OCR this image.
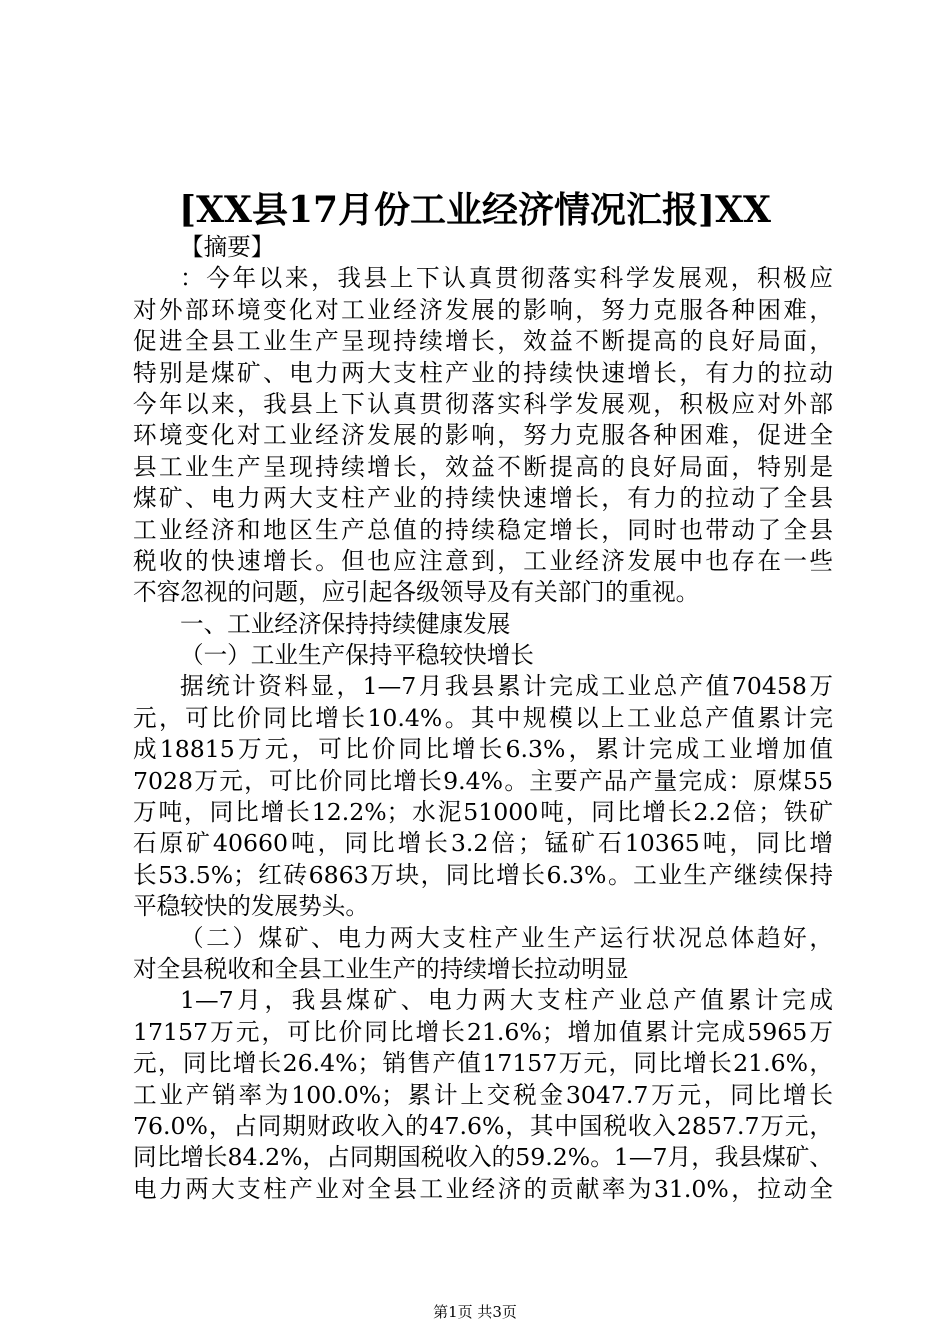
[XX县17月份工业经济情况汇报]XX
【摘要】
：今年以来，我县上下认真贯彻落实科学发展观，积极应
对外部环境变化对工业经济发展的影响，努力克服各种困难，
促进全县工业生产呈现持续增长，效益不断提高的良好局面，
特别是煤矿、电力两大支柱产业的持续快速增长，有力的拉动
今年以来，我县上下认真贯彻落实科学发展观，积极应对外部
环境变化对工业经济发展的影响，努力克服各种困难，促进全
县工业生产呈现持续增长，效益不断提高的良好局面，特别是
煤矿、电力两大支柱产业的持续快速增长，有力的拉动了全县
工业经济和地区生产总值的持续稳定增长，同时也带动了全县
税收的快速增长。但也应注意到，工业经济发展中也存在一些
不容忽视的问题，应引起各级领导及有关部门的重视。
一、工业经济保持持续健康发展
（一）工业生产保持平稳较快增长
据统计资料显，1—7月我县累计完成工业总产值70458万
元，可比价同比增长10.4%。其中规模以上工业总产值累计完
成18815万元，可比价同比增长6.3%，累计完成工业增加值
7028万元，可比价同比增长9.4%。主要产品产量完成：原煤55
万吨，同比增长12.2%；水泥51000吨，同比增长2.2倍；铁矿
石原矿40660吨，同比增长3.2倍；锰矿石10365吨，同比增
长53.5%；红砖6863万块，同比增长6.3%。工业生产继续保持
平稳较快的发展势头。
（二）煤矿、电力两大支柱产业生产运行状况总体趋好，
对全县税收和全县工业生产的持续增长拉动明显
1—7月，我县煤矿、电力两大支柱产业总产值累计完成
17157万元，可比价同比增长21.6%；增加值累计完成5965万
元，同比增长26.4%；销售产值17157万元，同比增长21.6%，
工业产销率为100.0%；累计上交税金3047.7万元，同比增长
76.0%，占同期财政收入的47.6%，其中国税收入2857.7万元，
同比增长84.2%，占同期国税收入的59.2%。1—7月，我县煤矿、
电力两大支柱产业对全县工业经济的贡献率为31.0%，拉动全
第1页 共3页
